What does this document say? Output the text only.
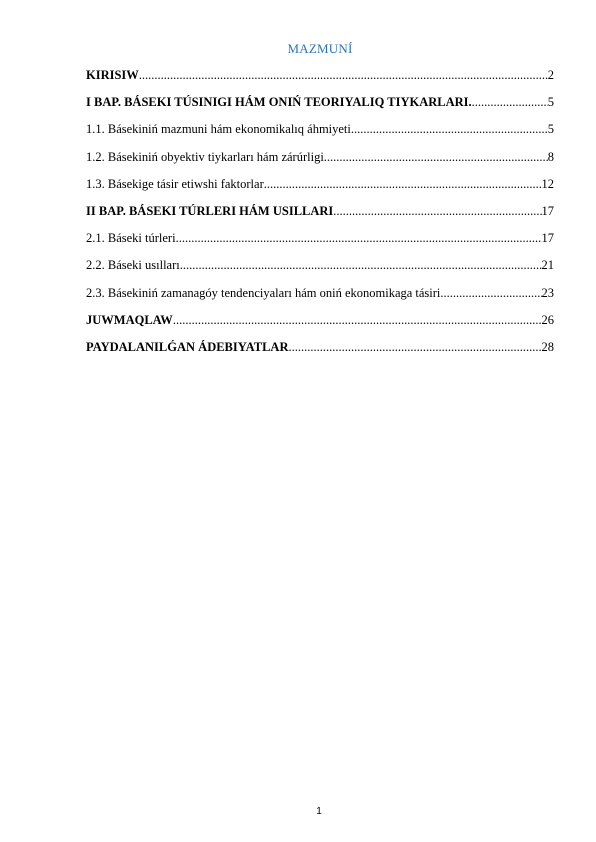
MAZMUNÍ
KIRISIW .....	2
I BAP. BÁSEKI TÚSINIGI HÁM ONIŃ TEORIYALIQ TIYKARLARI. .....	5
1.1. Básekiniń mazmuni hám ekonomikalıq áhmiyeti .....	5
1.2. Básekiniń obyektiv tiykarları hám zárúrligi .....	8
1.3. Básekige tásir etiwshi faktorlar .....	12
II BAP. BÁSEKI TÚRLERI HÁM USILLARI .....	17
2.1. Báseki túrleri .....	17
2.2. Báseki usılları .....	21
2.3. Básekiniń zamanagóy tendenciyaları hám oniń ekonomikaga tásiri .....	23
JUWMAQLAW .....	26
PAYDALANILǴAN ÁDEBIYATLAR .....	28
1
